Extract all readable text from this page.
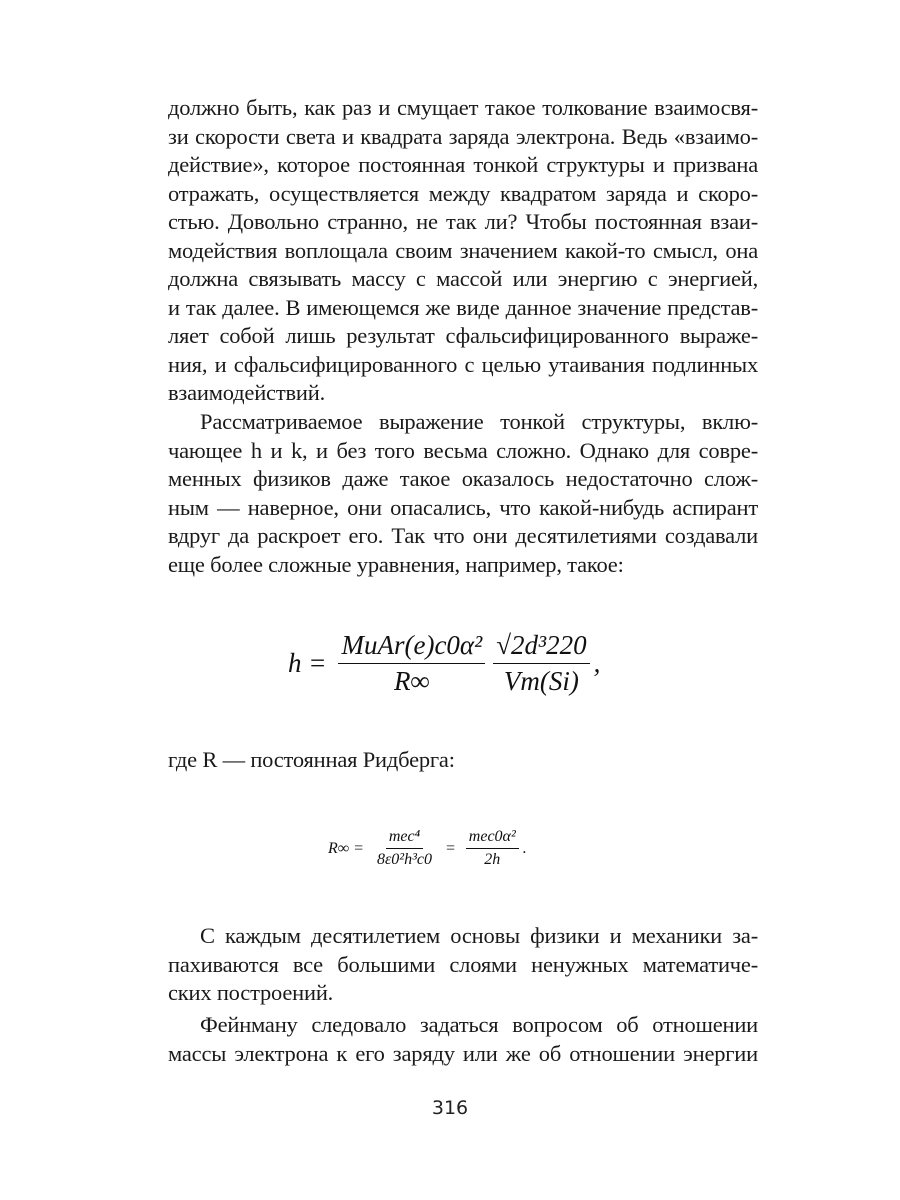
должно быть, как раз и смущает такое толкование взаимосвя-
зи скорости света и квадрата заряда электрона. Ведь «взаимо-
действие», которое постоянная тонкой структуры и призвана
отражать, осуществляется между квадратом заряда и скоро-
стью. Довольно странно, не так ли? Чтобы постоянная взаи-
модействия воплощала своим значением какой-то смысл, она
должна связывать массу с массой или энергию с энергией,
и так далее. В имеющемся же виде данное значение представ-
ляет собой лишь результат сфальсифицированного выраже-
ния, и сфальсифицированного с целью утаивания подлинных
взаимодействий.
Рассматриваемое выражение тонкой структуры, вклю-
чающее h и k, и без того весьма сложно. Однако для совре-
менных физиков даже такое оказалось недостаточно слож-
ным — наверное, они опасались, что какой-нибудь аспирант
вдруг да раскроет его. Так что они десятилетиями создавали
еще более сложные уравнения, например, такое:
$h = \frac{\text{MuAr(e)c0α²}}{R\infty} \frac{\text{√2d³220}}{Vm(Si)}$ ,
где R — постоянная Ридберга:
$R\infty = \frac{\text{mec⁴}}{\text{8ε0²h³c0}} = \frac{\text{mec0α²}}{2h}$ .
С каждым десятилетием основы физики и механики за-
пахиваются все большими слоями ненужных математиче-
ских построений.
Фейнману следовало задаться вопросом об отношении
массы электрона к его заряду или же об отношении энергии
316
